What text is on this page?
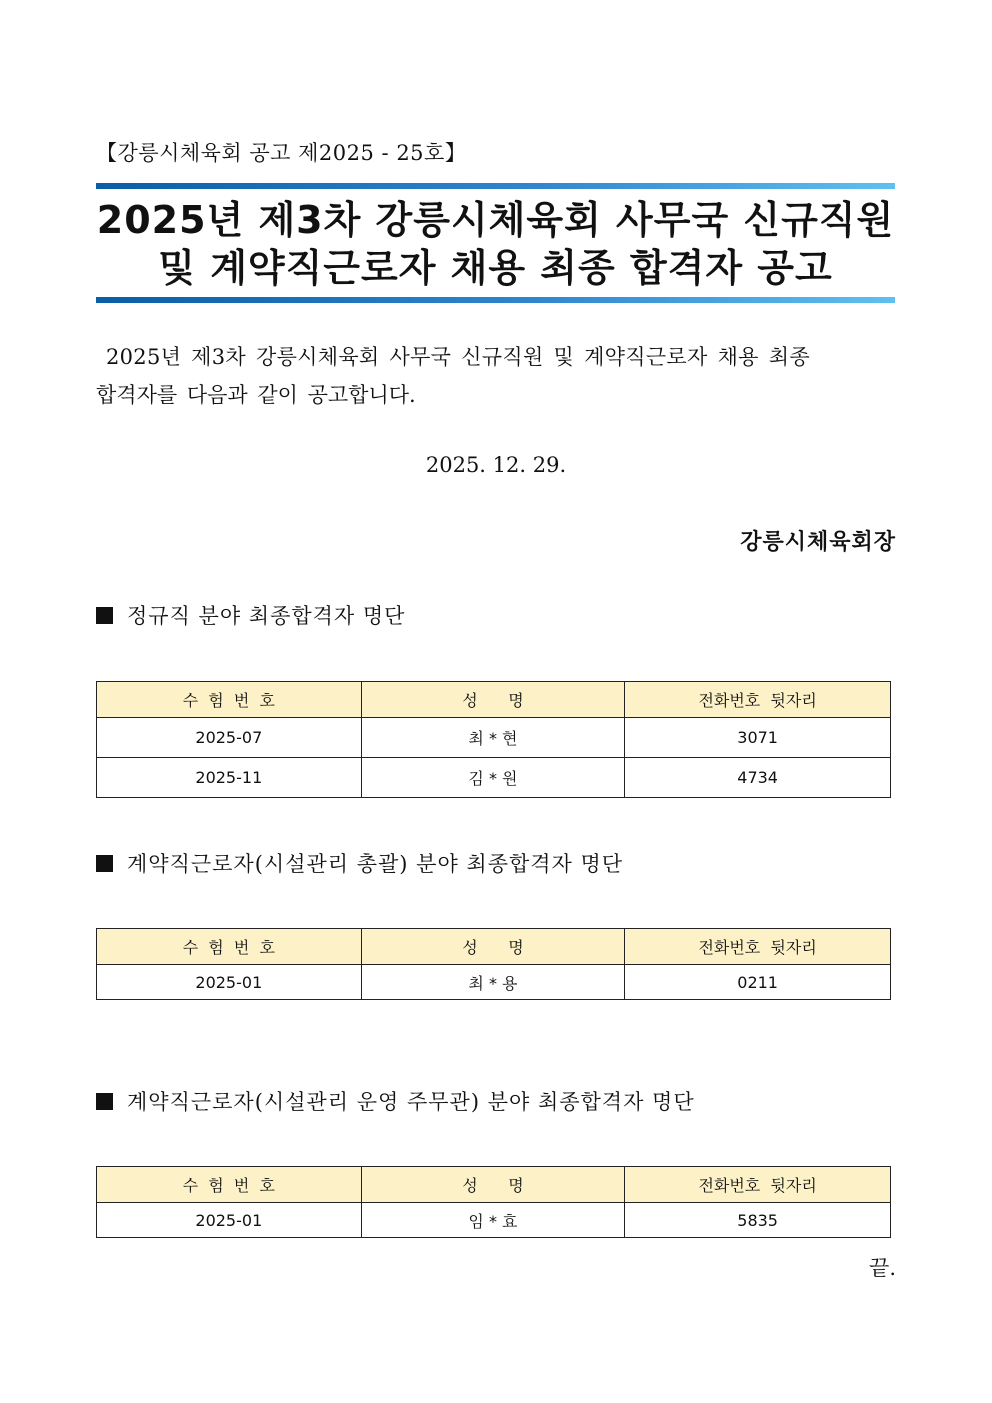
【강릉시체육회 공고 제2025 - 25호】
2025년 제3차 강릉시체육회 사무국 신규직원
및 계약직근로자 채용 최종 합격자 공고
2025년 제3차 강릉시체육회 사무국 신규직원 및 계약직근로자 채용 최종
합격자를 다음과 같이 공고합니다.
2025. 12. 29.
강릉시체육회장
정규직 분야 최종합격자 명단
수  험  번  호	성      명	전화번호  뒷자리
2025-07	최 * 현	3071
2025-11	김 * 원	4734
계약직근로자(시설관리 총괄) 분야 최종합격자 명단
수  험  번  호	성      명	전화번호  뒷자리
2025-01	최 * 용	0211
계약직근로자(시설관리 운영 주무관) 분야 최종합격자 명단
수  험  번  호	성      명	전화번호  뒷자리
2025-01	임 * 효	5835
끝.
